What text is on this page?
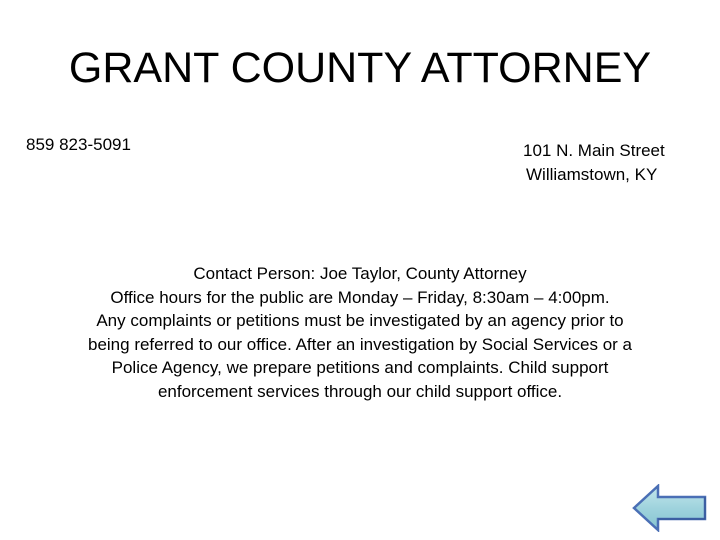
GRANT COUNTY ATTORNEY
859 823-5091	101 N. Main Street
Williamstown, KY
Contact Person: Joe Taylor, County Attorney
Office hours for the public are Monday – Friday, 8:30am – 4:00pm.
Any complaints or petitions must be investigated by an agency prior to
being referred to our office. After an investigation by Social Services or a
Police Agency, we prepare petitions and complaints. Child support
enforcement services through our child support office.
